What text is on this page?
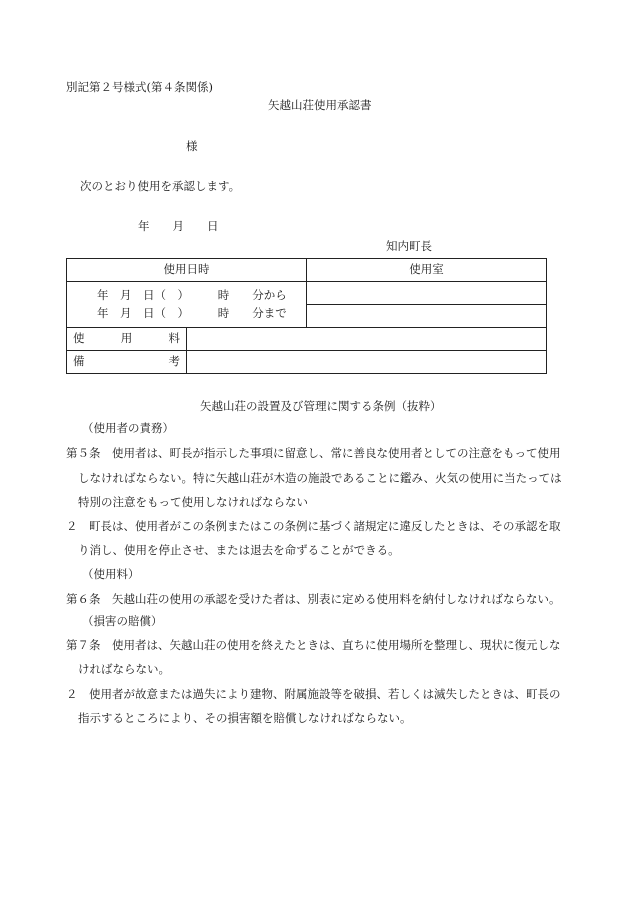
別記第２号様式(第４条関係)
矢越山荘使用承認書
様
次のとおり使用を承認します。
年　　月　　日
知内町長
使用日時		使用室

年　月　日（　）　　　時　　分から
年　月　日（　）　　　時　　分まで		

使 用 料		

備 考		

矢越山荘の設置及び管理に関する条例（抜粋）
（使用者の責務）
第５条　使用者は、町長が指示した事項に留意し、常に善良な使用者としての注意をもって使用
しなければならない。特に矢越山荘が木造の施設であることに鑑み、火気の使用に当たっては
特別の注意をもって使用しなければならない
２　町長は、使用者がこの条例またはこの条例に基づく諸規定に違反したときは、その承認を取
り消し、使用を停止させ、または退去を命ずることができる。
（使用料）
第６条　矢越山荘の使用の承認を受けた者は、別表に定める使用料を納付しなければならない。
（損害の賠償）
第７条　使用者は、矢越山荘の使用を終えたときは、直ちに使用場所を整理し、現状に復元しな
ければならない。
２　使用者が故意または過失により建物、附属施設等を破損、若しくは滅失したときは、町長の
指示するところにより、その損害額を賠償しなければならない。
